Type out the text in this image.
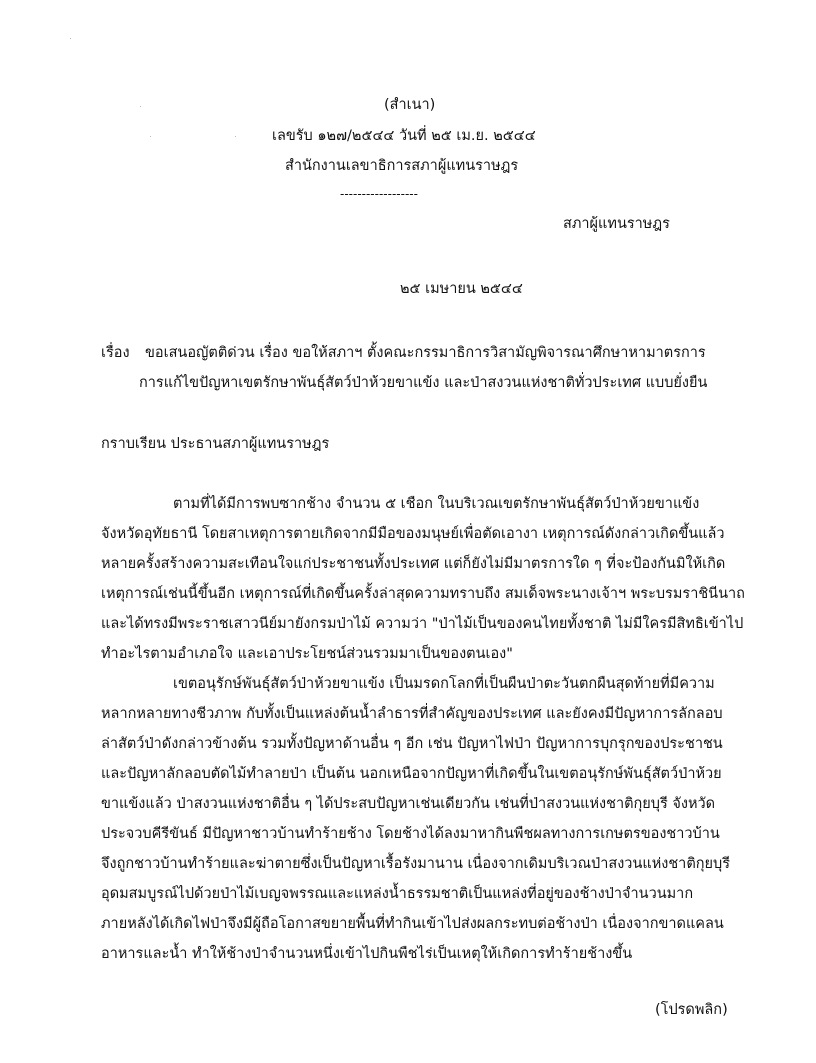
(สำเนา)
เลขรับ ๑๒๗/๒๕๔๔ วันที่ ๒๕ เม.ย. ๒๕๔๔
สำนักงานเลขาธิการสภาผู้แทนราษฎร
------------------
สภาผู้แทนราษฎร
๒๕ เมษายน ๒๕๔๔
เรื่อง ขอเสนอญัตติด่วน เรื่อง ขอให้สภาฯ ตั้งคณะกรรมาธิการวิสามัญพิจารณาศึกษาหามาตรการ
การแก้ไขปัญหาเขตรักษาพันธุ์สัตว์ป่าห้วยขาแข้ง และป่าสงวนแห่งชาติทั่วประเทศ แบบยั่งยืน
กราบเรียน ประธานสภาผู้แทนราษฎร
ตามที่ได้มีการพบซากช้าง จำนวน ๕ เชือก ในบริเวณเขตรักษาพันธุ์สัตว์ป่าห้วยขาแข้ง
จังหวัดอุทัยธานี โดยสาเหตุการตายเกิดจากมีมือของมนุษย์เพื่อตัดเอางา เหตุการณ์ดังกล่าวเกิดขึ้นแล้ว
หลายครั้งสร้างความสะเทือนใจแก่ประชาชนทั้งประเทศ แต่ก็ยังไม่มีมาตรการใด ๆ ที่จะป้องกันมิให้เกิด
เหตุการณ์เช่นนี้ขึ้นอีก เหตุการณ์ที่เกิดขึ้นครั้งล่าสุดความทราบถึง สมเด็จพระนางเจ้าฯ พระบรมราชินีนาถ
และได้ทรงมีพระราชเสาวนีย์มายังกรมป่าไม้ ความว่า "ป่าไม้เป็นของคนไทยทั้งชาติ ไม่มีใครมีสิทธิเข้าไป
ทำอะไรตามอำเภอใจ และเอาประโยชน์ส่วนรวมมาเป็นของตนเอง"
เขตอนุรักษ์พันธุ์สัตว์ป่าห้วยขาแข้ง เป็นมรดกโลกที่เป็นผืนป่าตะวันตกผืนสุดท้ายที่มีความ
หลากหลายทางชีวภาพ กับทั้งเป็นแหล่งต้นน้ำลำธารที่สำคัญของประเทศ และยังคงมีปัญหาการลักลอบ
ล่าสัตว์ป่าดังกล่าวข้างต้น รวมทั้งปัญหาด้านอื่น ๆ อีก เช่น ปัญหาไฟป่า ปัญหาการบุกรุกของประชาชน
และปัญหาลักลอบตัดไม้ทำลายป่า เป็นต้น นอกเหนือจากปัญหาที่เกิดขึ้นในเขตอนุรักษ์พันธุ์สัตว์ป่าห้วย
ขาแข้งแล้ว ป่าสงวนแห่งชาติอื่น ๆ ได้ประสบปัญหาเช่นเดียวกัน เช่นที่ป่าสงวนแห่งชาติกุยบุรี จังหวัด
ประจวบคีรีขันธ์ มีปัญหาชาวบ้านทำร้ายช้าง โดยช้างได้ลงมาหากินพืชผลทางการเกษตรของชาวบ้าน
จึงถูกชาวบ้านทำร้ายและฆ่าตายซึ่งเป็นปัญหาเรื้อรังมานาน เนื่องจากเดิมบริเวณป่าสงวนแห่งชาติกุยบุรี
อุดมสมบูรณ์ไปด้วยป่าไม้เบญจพรรณและแหล่งน้ำธรรมชาติเป็นแหล่งที่อยู่ของช้างป่าจำนวนมาก
ภายหลังได้เกิดไฟป่าจึงมีผู้ถือโอกาสขยายพื้นที่ทำกินเข้าไปส่งผลกระทบต่อช้างป่า เนื่องจากขาดแคลน
อาหารและน้ำ ทำให้ช้างป่าจำนวนหนึ่งเข้าไปกินพืชไร่เป็นเหตุให้เกิดการทำร้ายช้างขึ้น
(โปรดพลิก)
